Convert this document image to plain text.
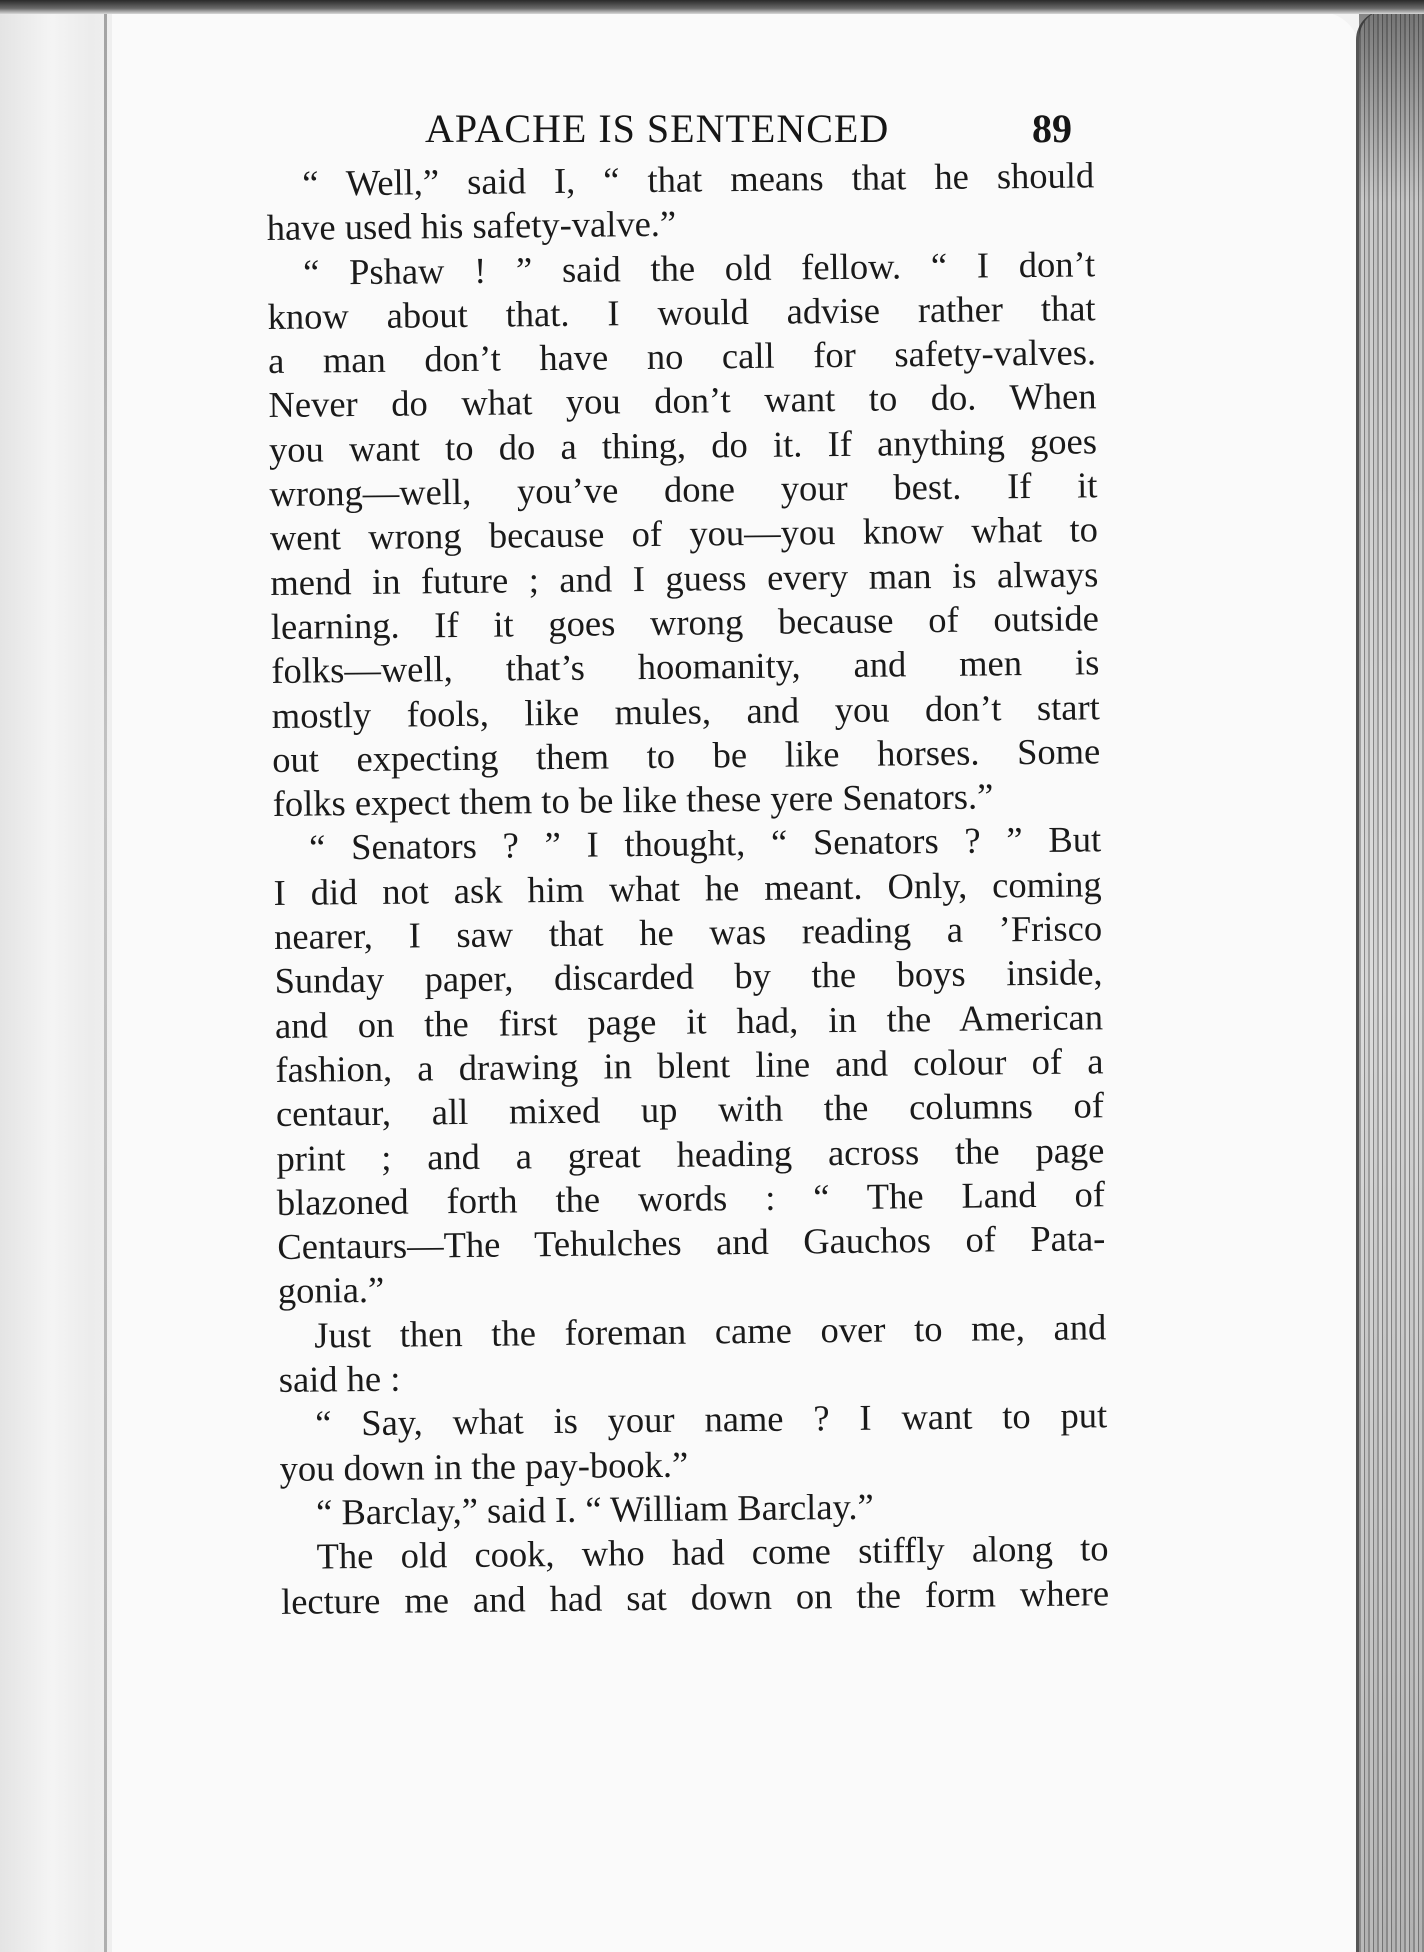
APACHE IS SENTENCED	89
“ Well,” said I, “ that means that he should
have used his safety-valve.”
“ Pshaw ! ” said the old fellow. “ I don’t
know about that. I would advise rather that
a man don’t have no call for safety-valves.
Never do what you don’t want to do. When
you want to do a thing, do it. If anything goes
wrong—well, you’ve done your best. If it
went wrong because of you—you know what to
mend in future ; and I guess every man is always
learning. If it goes wrong because of outside
folks—well, that’s hoomanity, and men is
mostly fools, like mules, and you don’t start
out expecting them to be like horses. Some
folks expect them to be like these yere Senators.”
“ Senators ? ” I thought, “ Senators ? ” But
I did not ask him what he meant. Only, coming
nearer, I saw that he was reading a ’Frisco
Sunday paper, discarded by the boys inside,
and on the first page it had, in the American
fashion, a drawing in blent line and colour of a
centaur, all mixed up with the columns of
print ; and a great heading across the page
blazoned forth the words : “ The Land of
Centaurs—The Tehulches and Gauchos of Pata-
gonia.”
Just then the foreman came over to me, and
said he :
“ Say, what is your name ? I want to put
you down in the pay-book.”
“ Barclay,” said I. “ William Barclay.”
The old cook, who had come stiffly along to
lecture me and had sat down on the form where
